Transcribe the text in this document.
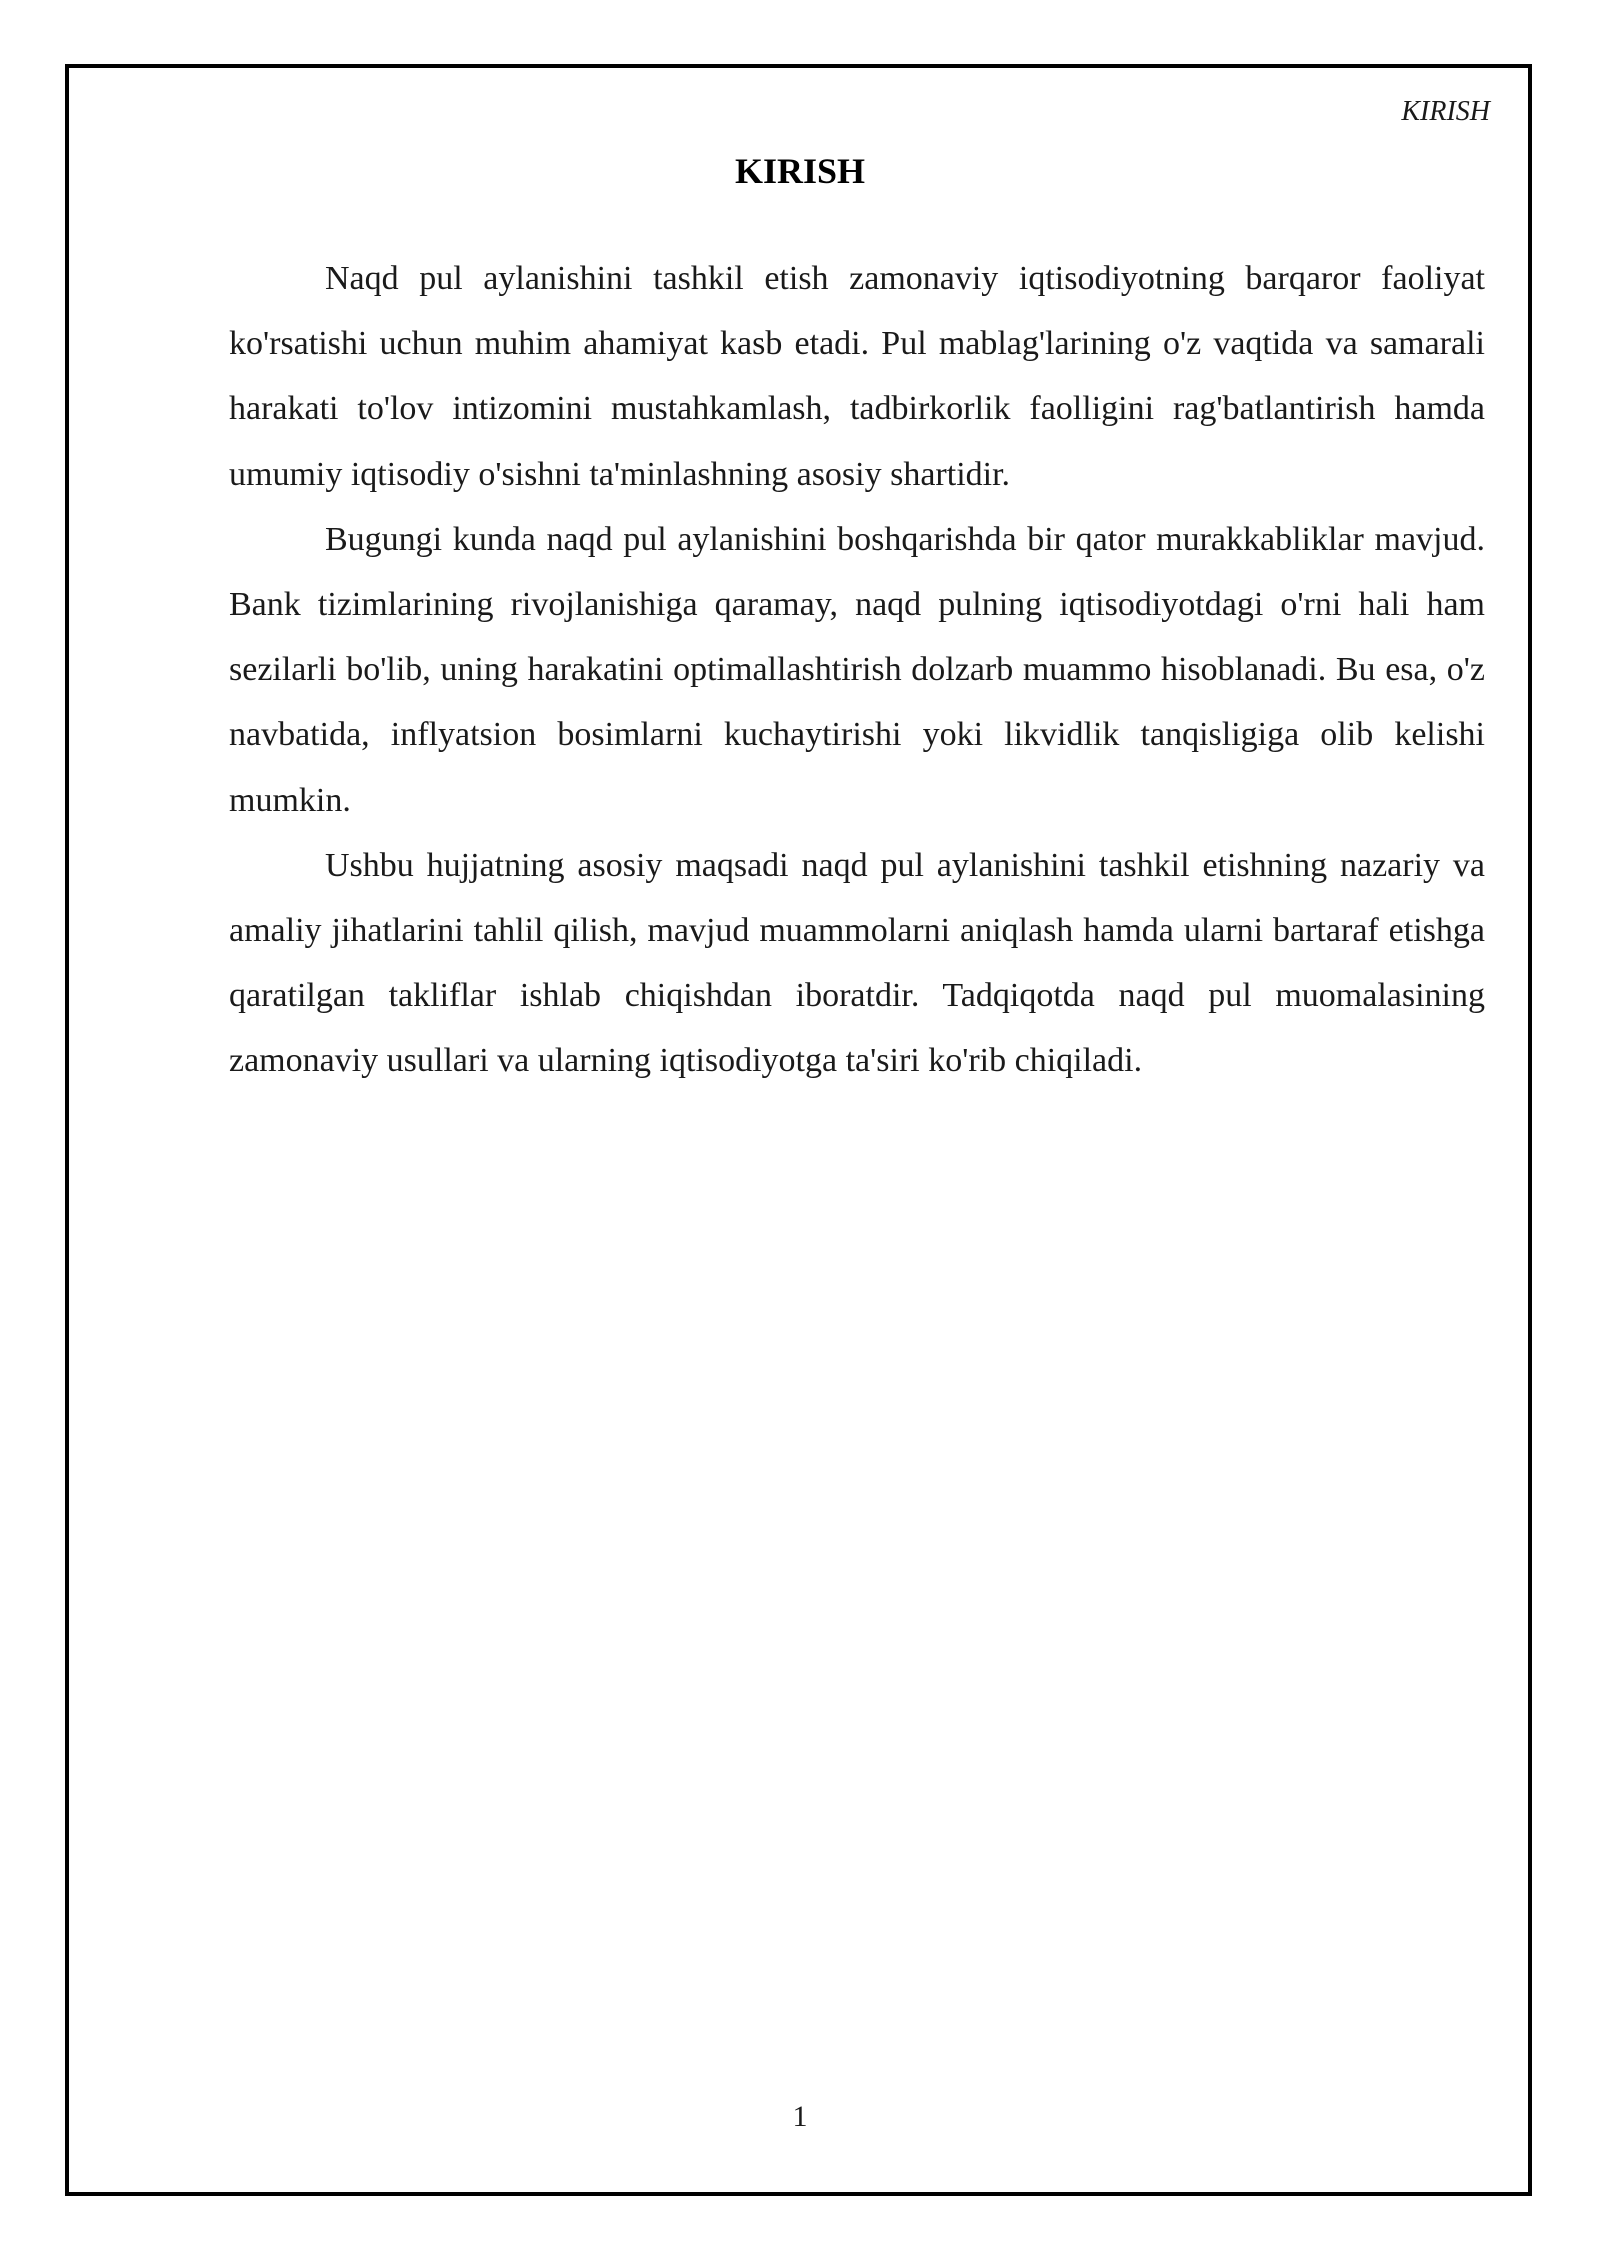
KIRISH
KIRISH

Naqd pul aylanishini tashkil etish zamonaviy iqtisodiyotning barqaror faoliyat ko'rsatishi uchun muhim ahamiyat kasb etadi. Pul mablag'larining o'z vaqtida va samarali harakati to'lov intizomini mustahkamlash, tadbirkorlik faolligini rag'batlantirish hamda umumiy iqtisodiy o'sishni ta'minlashning asosiy shartidir.

Bugungi kunda naqd pul aylanishini boshqarishda bir qator murakkabliklar mavjud. Bank tizimlarining rivojlanishiga qaramay, naqd pulning iqtisodiyotdagi o'rni hali ham sezilarli bo'lib, uning harakatini optimallashtirish dolzarb muammo hisoblanadi. Bu esa, o'z navbatida, inflyatsion bosimlarni kuchaytirishi yoki likvidlik tanqisligiga olib kelishi mumkin.

Ushbu hujjatning asosiy maqsadi naqd pul aylanishini tashkil etishning nazariy va amaliy jihatlarini tahlil qilish, mavjud muammolarni aniqlash hamda ularni bartaraf etishga qaratilgan takliflar ishlab chiqishdan iboratdir. Tadqiqotda naqd pul muomalasining zamonaviy usullari va ularning iqtisodiyotga ta'siri ko'rib chiqiladi.

1
